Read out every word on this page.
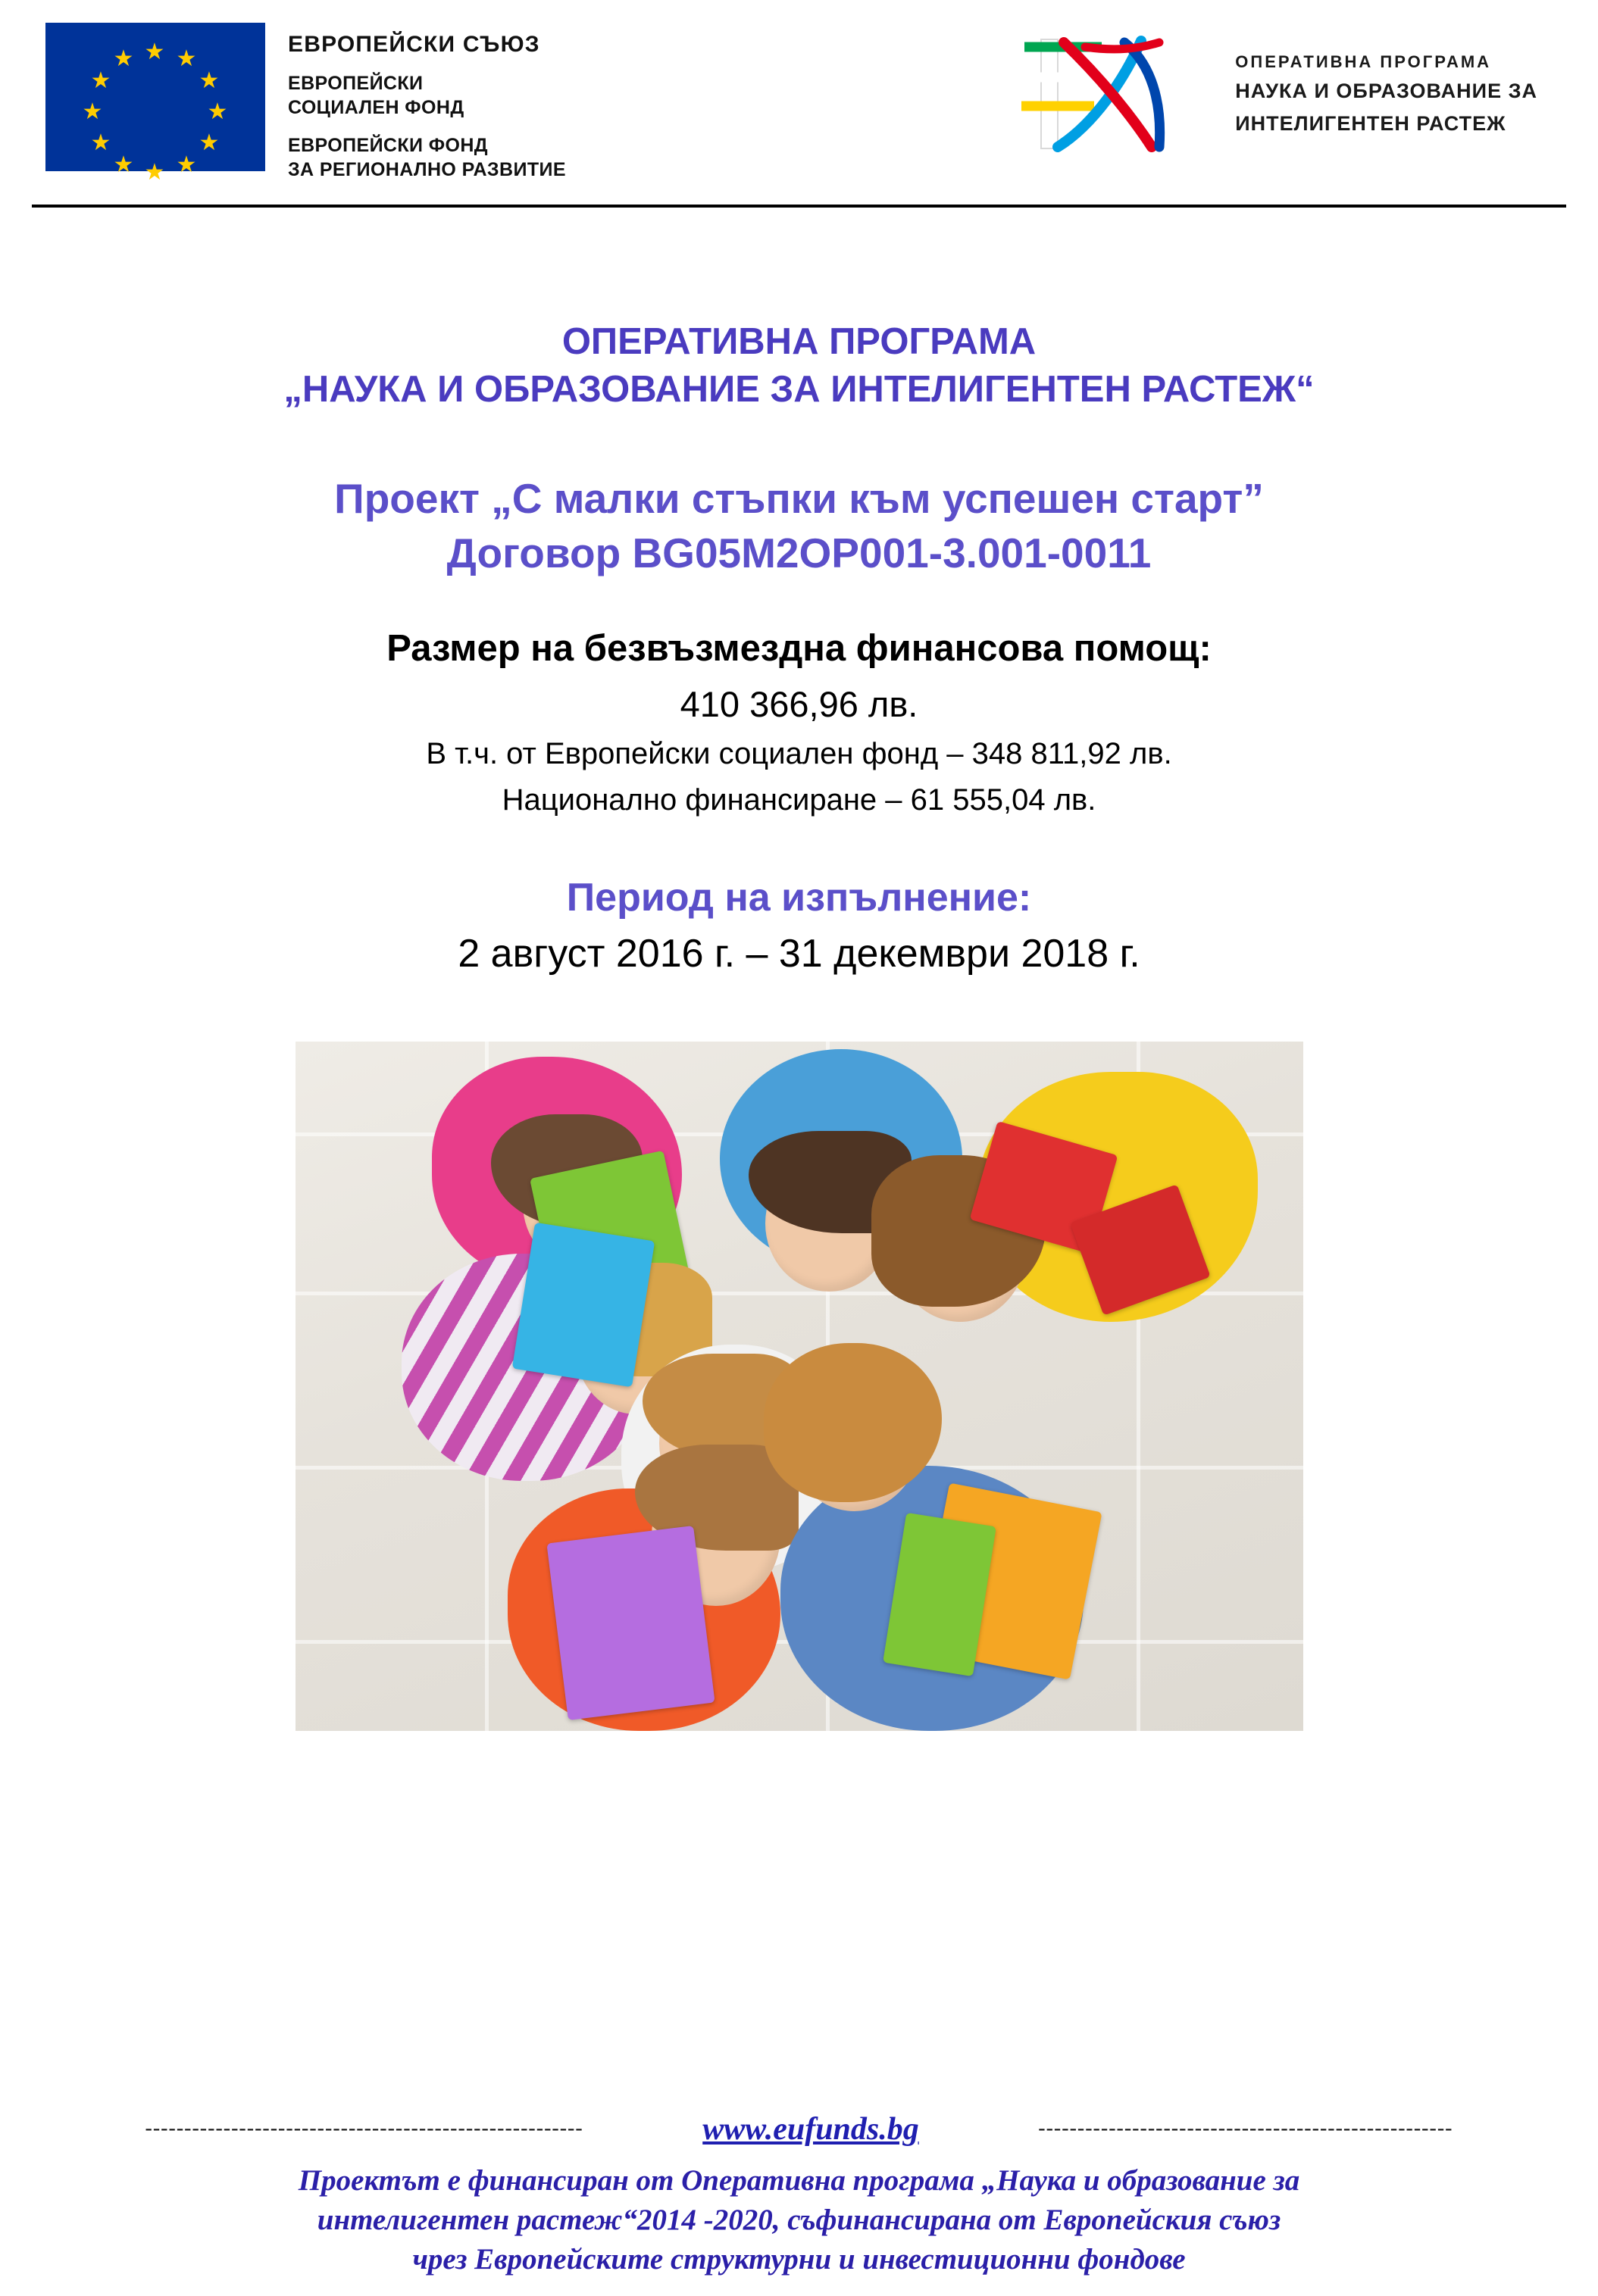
★ ★
★
★
★
★
★
★
★
★
★
★
ЕВРОПЕЙСКИ СЪЮЗ
ЕВРОПЕЙСКИ
СОЦИАЛЕН ФОНД
ЕВРОПЕЙСКИ ФОНД
ЗА РЕГИОНАЛНО РАЗВИТИЕ
ОПЕРАТИВНА ПРОГРАМА
НАУКА И ОБРАЗОВАНИЕ ЗА
ИНТЕЛИГЕНТЕН РАСТЕЖ
ОПЕРАТИВНА ПРОГРАМА
„НАУКА И ОБРАЗОВАНИЕ ЗА ИНТЕЛИГЕНТЕН РАСТЕЖ“
Проект „С малки стъпки към успешен старт”
Договор BG05M2OP001-3.001-0011
Размер на безвъзмездна финансова помощ:
410 366,96 лв.
В т.ч. от Европейски социален фонд – 348 811,92 лв.
Национално финансиране – 61 555,04 лв.
Период на изпълнение:
2 август 2016 г. – 31 декември 2018 г.
--------------------------------------------------------	www.eufunds.bg	-----------------------------------------------------
Проектът е финансиран от Оперативна програма „Наука и образование за
интелигентен растеж“2014 -2020, съфинансирана от Европейския съюз
чрез Европейските структурни и инвестиционни фондове
